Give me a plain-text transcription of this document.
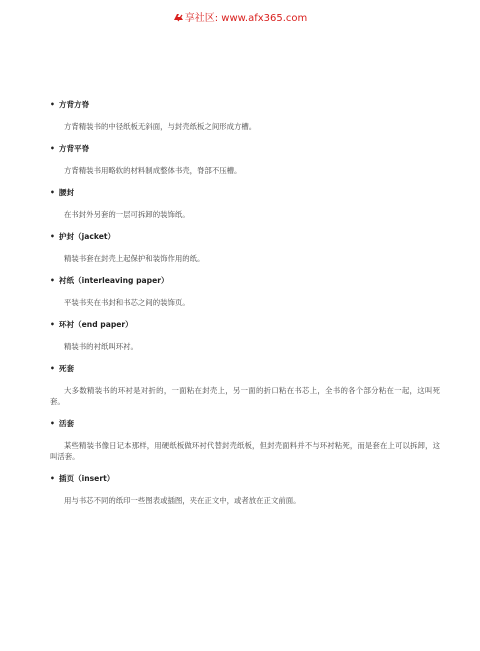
享社区: www.afx365.com

• 方背方脊

方背精装书的中径纸板无斜面，与封壳纸板之间形成方槽。

• 方背平脊

方背精装书用略软的材料制成整体书壳，脊部不压槽。

• 腰封

在书封外另套的一层可拆卸的装饰纸。

• 护封（jacket）

精装书套在封壳上起保护和装饰作用的纸。

• 衬纸（interleaving paper）

平装书夹在书封和书芯之间的装饰页。

• 环衬（end paper）

精装书的衬纸叫环衬。

• 死套

大多数精装书的环衬是对折的，一面粘在封壳上，另一面的折口粘在书芯上，全书的各个部分粘在一起，这叫死套。

• 活套

某些精装书像日记本那样，用硬纸板做环衬代替封壳纸板，但封壳面料并不与环衬粘死，而是套在上可以拆卸，这叫活套。

• 插页（insert）

用与书芯不同的纸印一些图表或插图，夹在正文中，或者放在正文前面。
